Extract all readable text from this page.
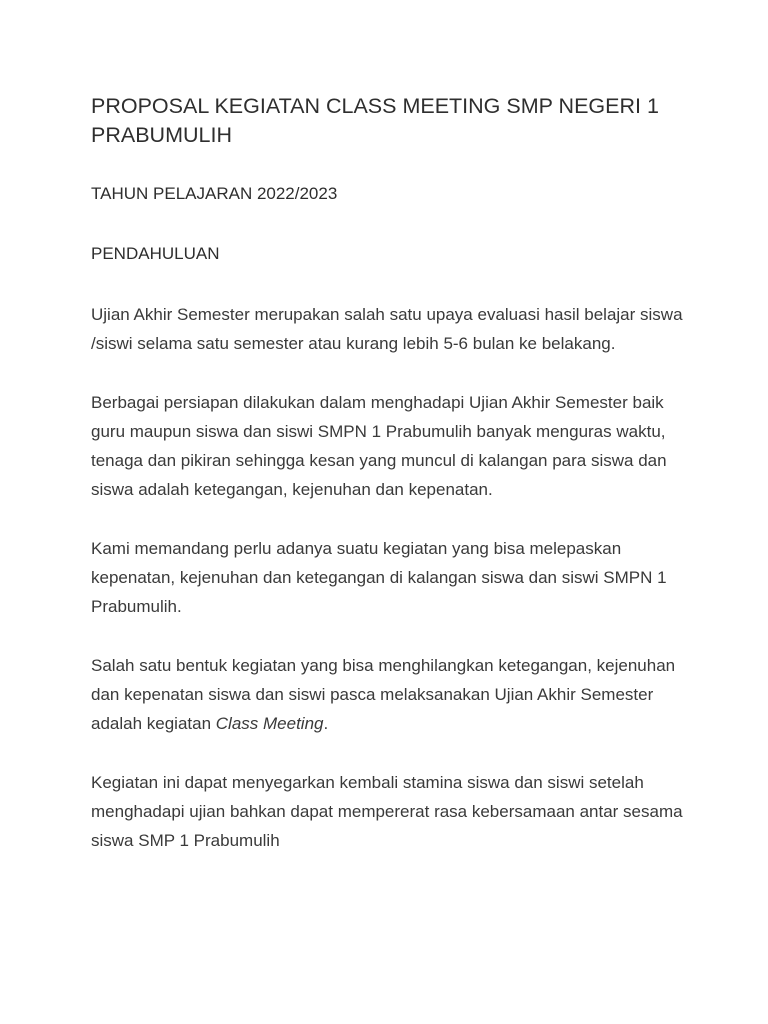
PROPOSAL KEGIATAN CLASS MEETING SMP NEGERI 1 PRABUMULIH

TAHUN PELAJARAN 2022/2023

PENDAHULUAN

Ujian Akhir Semester merupakan salah satu upaya evaluasi hasil belajar siswa /siswi selama satu semester atau kurang lebih 5-6 bulan ke belakang.

Berbagai persiapan dilakukan dalam menghadapi Ujian Akhir Semester baik guru maupun siswa dan siswi SMPN 1 Prabumulih banyak menguras waktu, tenaga dan pikiran sehingga kesan yang muncul di kalangan para siswa dan siswa adalah ketegangan, kejenuhan dan kepenatan.

Kami memandang perlu adanya suatu kegiatan yang bisa melepaskan kepenatan, kejenuhan dan ketegangan di kalangan siswa dan siswi SMPN 1 Prabumulih.

Salah satu bentuk kegiatan yang bisa menghilangkan ketegangan, kejenuhan dan kepenatan siswa dan siswi pasca melaksanakan Ujian Akhir Semester adalah kegiatan Class Meeting.

Kegiatan ini dapat menyegarkan kembali stamina siswa dan siswi setelah menghadapi ujian bahkan dapat mempererat rasa kebersamaan antar sesama siswa SMP 1 Prabumulih
